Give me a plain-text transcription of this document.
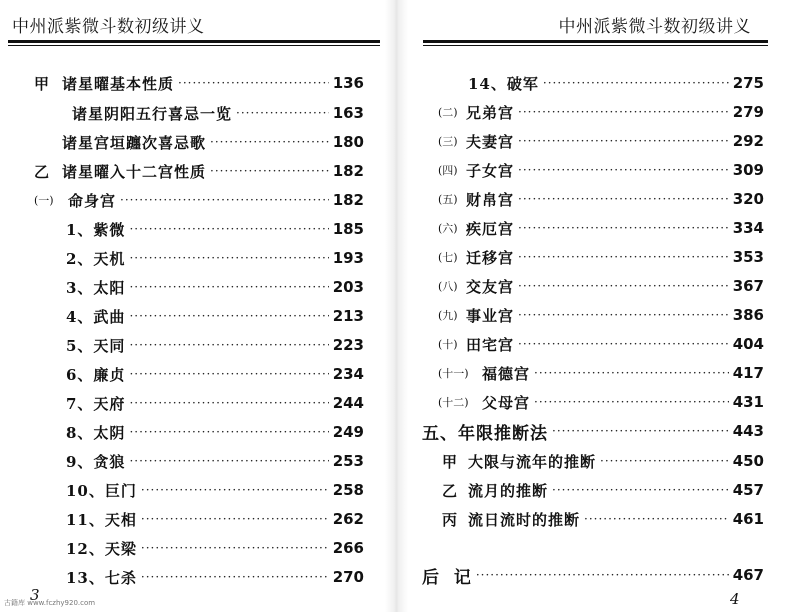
中州派紫微斗数初级讲义
甲 诸星曜基本性质 ·····	136
诸星阴阳五行喜忌一览 ·····	163
诸星宫垣躔次喜忌歌 ·····	180
乙 诸星曜入十二宫性质 ·····	182
(一) 命身宫 ·····	182
1、紫微 ·····	185
2、天机 ·····	193
3、太阳 ·····	203
4、武曲 ·····	213
5、天同 ·····	223
6、廉贞 ·····	234
7、天府 ·····	244
8、太阴 ·····	249
9、贪狼 ·····	253
10、巨门 ·····	258
11、天相 ·····	262
12、天梁 ·····	266
13、七杀 ·····	270
3
古籍库 www.fczhy920.com
中州派紫微斗数初级讲义
14、破军 ·····	275
(二) 兄弟宫 ·····	279
(三) 夫妻宫 ·····	292
(四) 子女宫 ·····	309
(五) 财帛宫 ·····	320
(六) 疾厄宫 ·····	334
(七) 迁移宫 ·····	353
(八) 交友宫 ·····	367
(九) 事业宫 ·····	386
(十) 田宅宫 ·····	404
(十一) 福德宫 ·····	417
(十二) 父母宫 ·····	431
五、年限推断法 ·····	443
甲 大限与流年的推断 ·····	450
乙 流月的推断 ·····	457
丙 流日流时的推断 ·····	461
后  记 ·····	467
4
